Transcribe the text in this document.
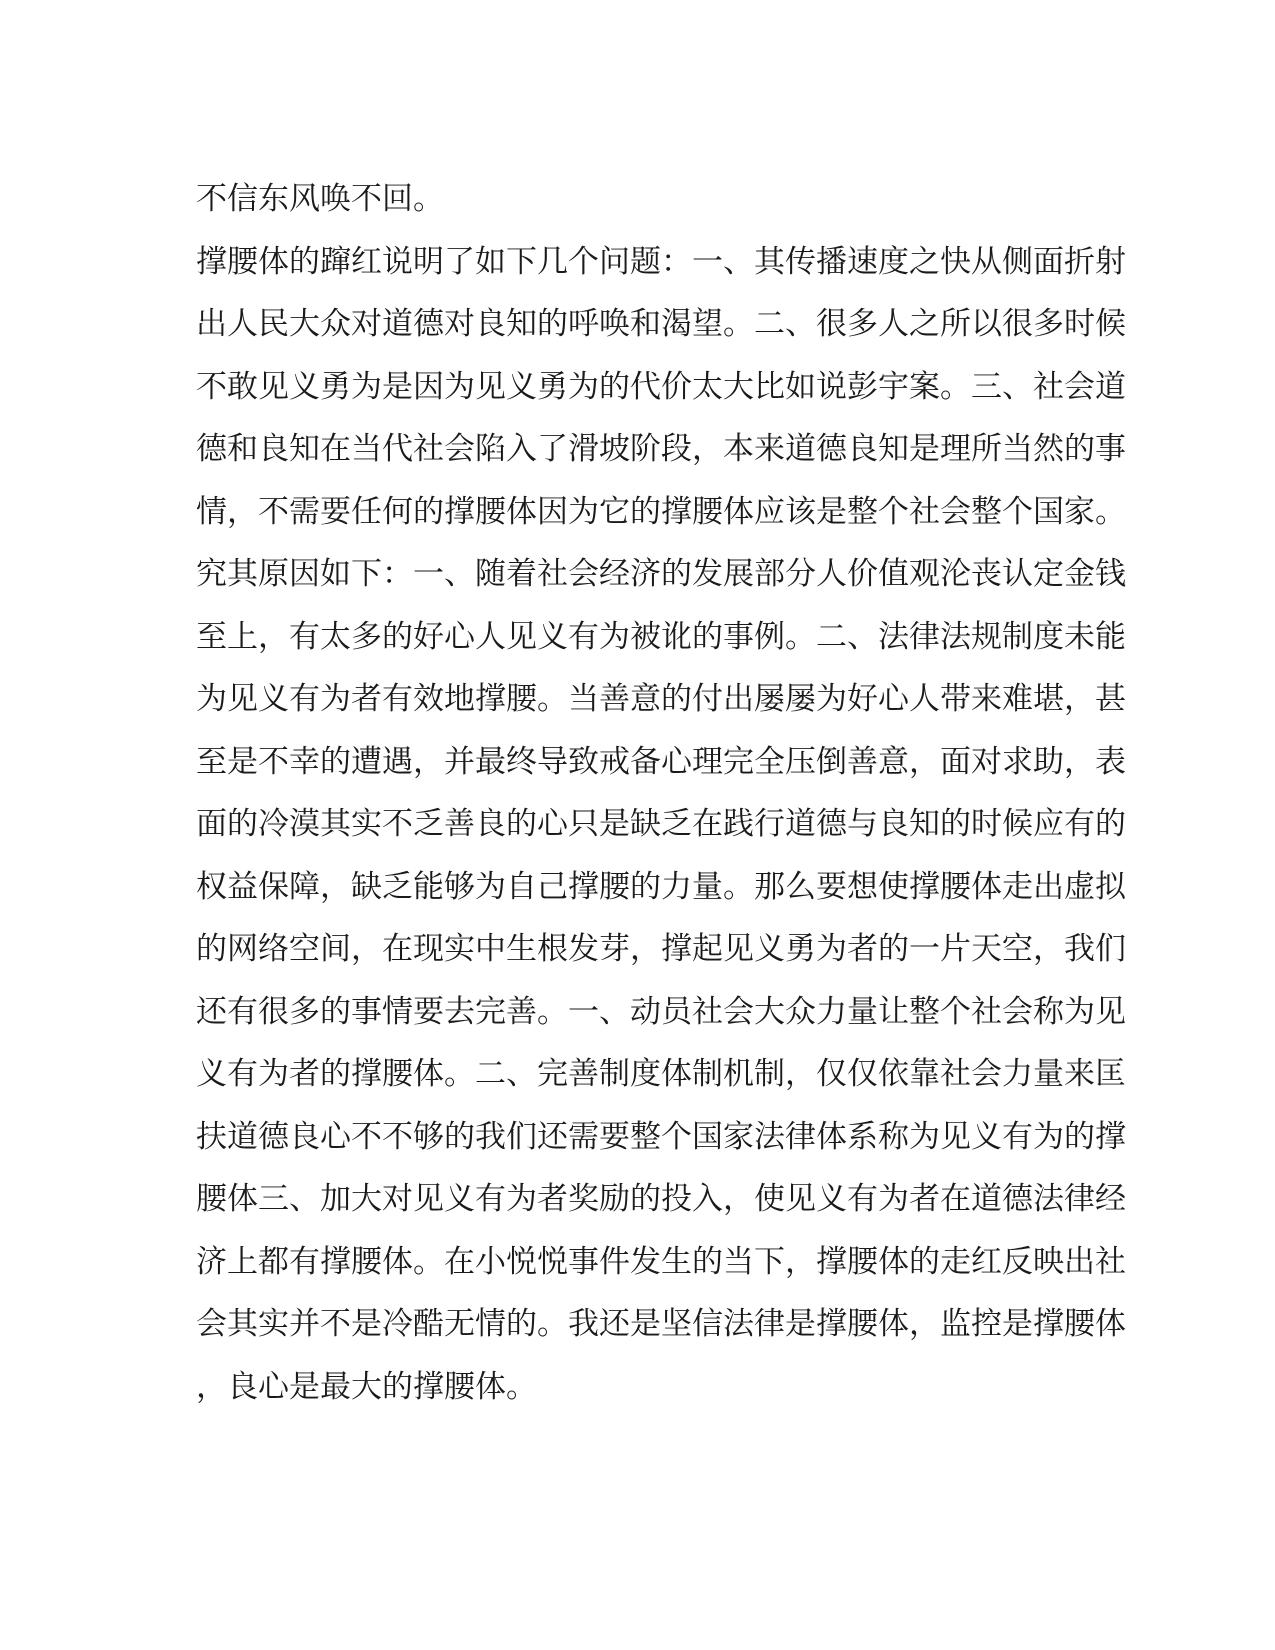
不信东风唤不回。
撑腰体的蹿红说明了如下几个问题：一、其传播速度之快从侧面折射
出人民大众对道德对良知的呼唤和渴望。二、很多人之所以很多时候
不敢见义勇为是因为见义勇为的代价太大比如说彭宇案。三、社会道
德和良知在当代社会陷入了滑坡阶段，本来道德良知是理所当然的事
情，不需要任何的撑腰体因为它的撑腰体应该是整个社会整个国家。
究其原因如下：一、随着社会经济的发展部分人价值观沦丧认定金钱
至上，有太多的好心人见义有为被讹的事例。二、法律法规制度未能
为见义有为者有效地撑腰。当善意的付出屡屡为好心人带来难堪，甚
至是不幸的遭遇，并最终导致戒备心理完全压倒善意，面对求助，表
面的冷漠其实不乏善良的心只是缺乏在践行道德与良知的时候应有的
权益保障，缺乏能够为自己撑腰的力量。那么要想使撑腰体走出虚拟
的网络空间，在现实中生根发芽，撑起见义勇为者的一片天空，我们
还有很多的事情要去完善。一、动员社会大众力量让整个社会称为见
义有为者的撑腰体。二、完善制度体制机制，仅仅依靠社会力量来匡
扶道德良心不不够的我们还需要整个国家法律体系称为见义有为的撑
腰体三、加大对见义有为者奖励的投入，使见义有为者在道德法律经
济上都有撑腰体。在小悦悦事件发生的当下，撑腰体的走红反映出社
会其实并不是冷酷无情的。我还是坚信法律是撑腰体，监控是撑腰体
，良心是最大的撑腰体。
